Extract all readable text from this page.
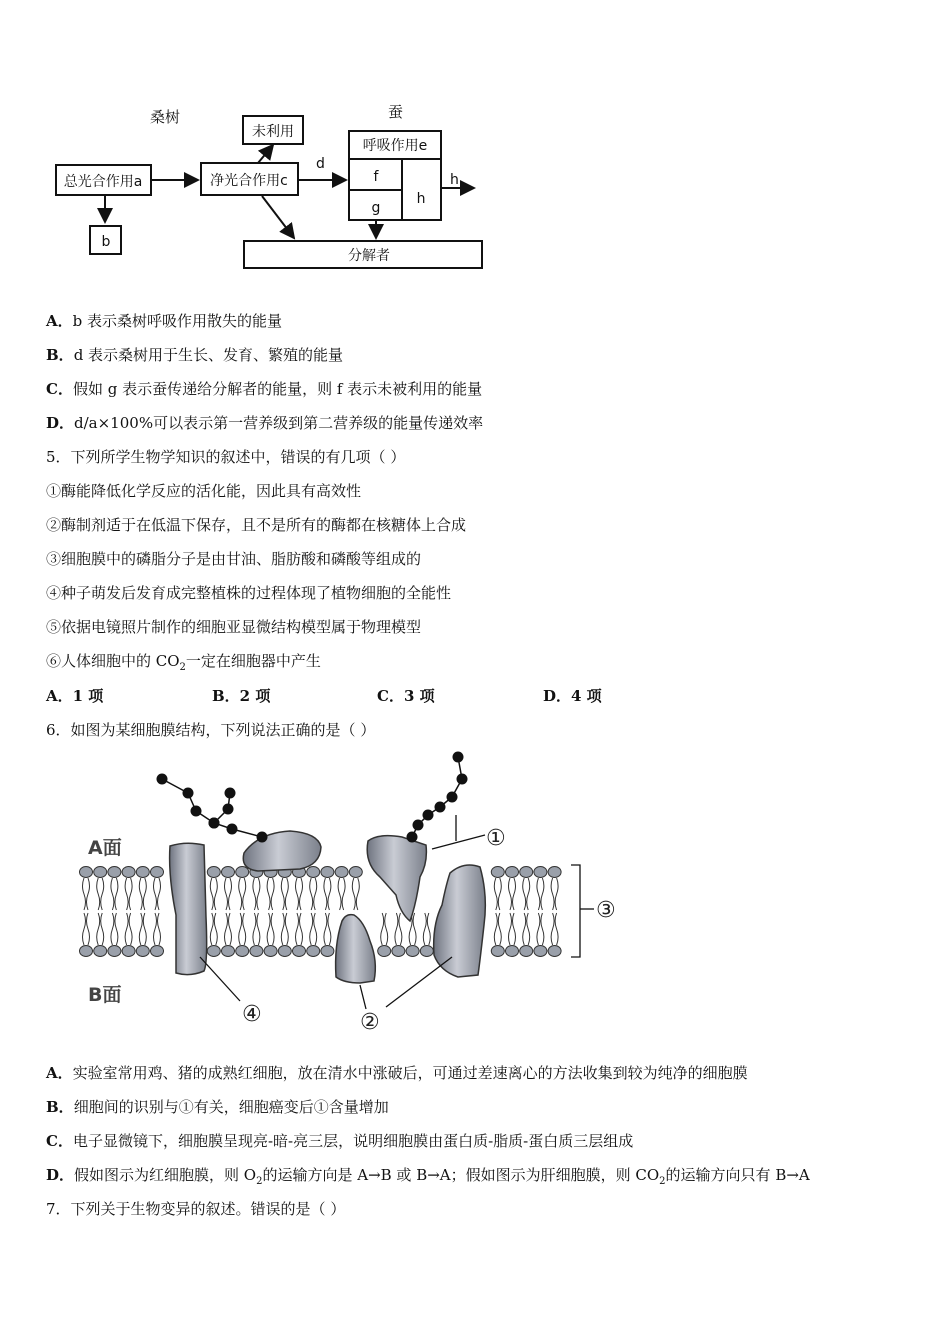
桑树	蚕
总光合作用a
b
净光合作用c
未利用
d
呼吸作用e
f
g
h
h
分解者
A．b 表示桑树呼吸作用散失的能量
B．d 表示桑树用于生长、发育、繁殖的能量
C．假如 g 表示蚕传递给分解者的能量，则 f 表示未被利用的能量
D．d/a×100%可以表示第一营养级到第二营养级的能量传递效率
5．下列所学生物学知识的叙述中，错误的有几项（ ）
①酶能降低化学反应的活化能，因此具有高效性
②酶制剂适于在低温下保存，且不是所有的酶都在核糖体上合成
③细胞膜中的磷脂分子是由甘油、脂肪酸和磷酸等组成的
④种子萌发后发育成完整植株的过程体现了植物细胞的全能性
⑤依据电镜照片制作的细胞亚显微结构模型属于物理模型
⑥人体细胞中的 $CO_2$一定在细胞器中产生
A．1 项	B．2 项	C．3 项	D．4 项
6．如图为某细胞膜结构，下列说法正确的是（ ）
A面
B面
①
②
③
④
A．实验室常用鸡、猪的成熟红细胞，放在清水中涨破后，可通过差速离心的方法收集到较为纯净的细胞膜
B．细胞间的识别与①有关，细胞癌变后①含量增加
C．电子显微镜下，细胞膜呈现亮-暗-亮三层，说明细胞膜由蛋白质-脂质-蛋白质三层组成
D．假如图示为红细胞膜，则 $O_2$的运输方向是 A→B 或 B→A；假如图示为肝细胞膜，则 $CO_2$的运输方向只有 B→A
7．下列关于生物变异的叙述。错误的是（ ）
